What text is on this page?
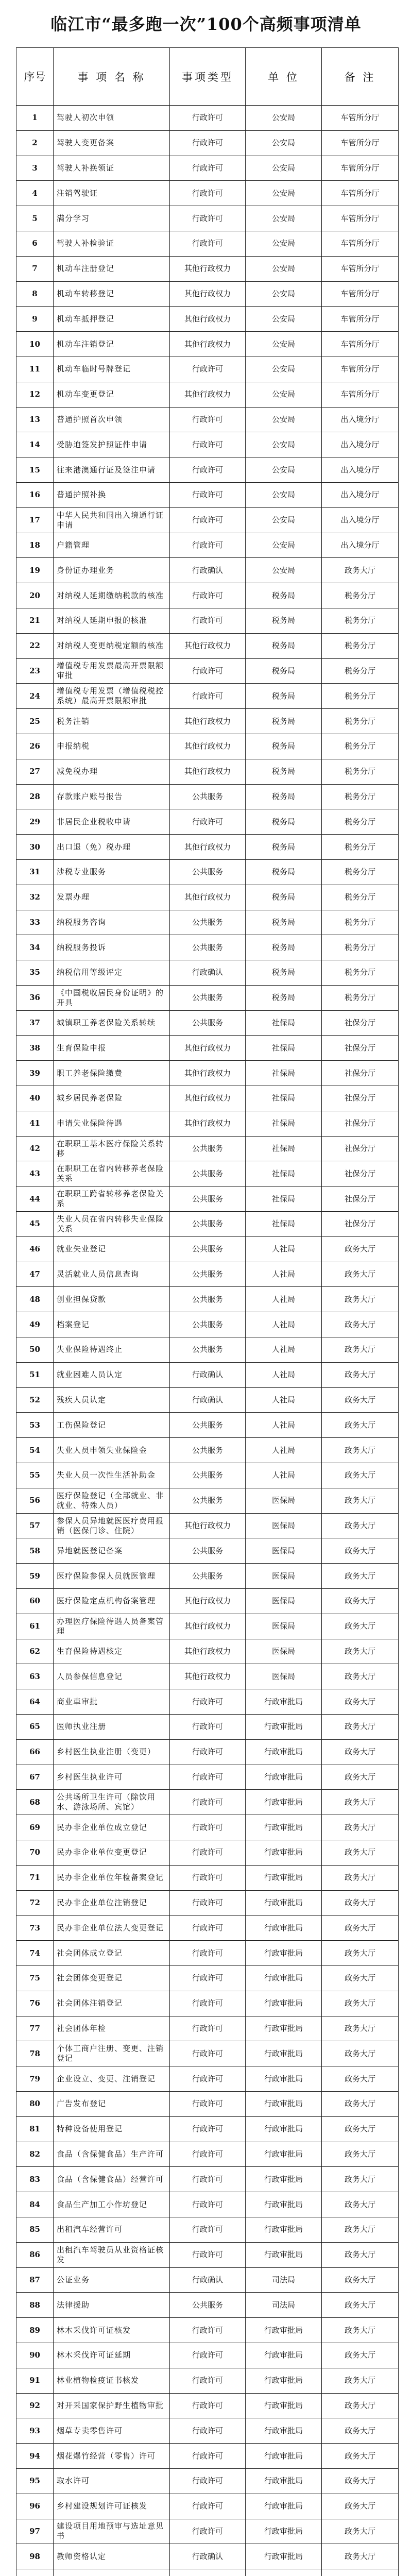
临江市“最多跑一次”100个高频事项清单
序号	事 项 名 称	事项类型	单 位	备 注
1	驾驶人初次申领	行政许可	公安局	车管所分厅
2	驾驶人变更备案	行政许可	公安局	车管所分厅
3	驾驶人补换领证	行政许可	公安局	车管所分厅
4	注销驾驶证	行政许可	公安局	车管所分厅
5	满分学习	行政许可	公安局	车管所分厅
6	驾驶人补检验证	行政许可	公安局	车管所分厅
7	机动车注册登记	其他行政权力	公安局	车管所分厅
8	机动车转移登记	其他行政权力	公安局	车管所分厅
9	机动车抵押登记	其他行政权力	公安局	车管所分厅
10	机动车注销登记	其他行政权力	公安局	车管所分厅
11	机动车临时号牌登记	行政许可	公安局	车管所分厅
12	机动车变更登记	其他行政权力	公安局	车管所分厅
13	普通护照首次申领	行政许可	公安局	出入境分厅
14	受胁迫签发护照证件申请	行政许可	公安局	出入境分厅
15	往来港澳通行证及签注申请	行政许可	公安局	出入境分厅
16	普通护照补换	行政许可	公安局	出入境分厅
17	中华人民共和国出入境通行证申请	行政许可	公安局	出入境分厅
18	户籍管理	行政许可	公安局	出入境分厅
19	身份证办理业务	行政确认	公安局	政务大厅
20	对纳税人延期缴纳税款的核准	行政许可	税务局	税务分厅
21	对纳税人延期申报的核准	行政许可	税务局	税务分厅
22	对纳税人变更纳税定额的核准	其他行政权力	税务局	税务分厅
23	增值税专用发票最高开票限额审批	行政许可	税务局	税务分厅
24	增值税专用发票（增值税税控系统）最高开票限额审批	行政许可	税务局	税务分厅
25	税务注销	其他行政权力	税务局	税务分厅
26	申报纳税	其他行政权力	税务局	税务分厅
27	减免税办理	其他行政权力	税务局	税务分厅
28	存款账户账号报告	公共服务	税务局	税务分厅
29	非居民企业税收申请	行政许可	税务局	税务分厅
30	出口退（免）税办理	其他行政权力	税务局	税务分厅
31	涉税专业服务	公共服务	税务局	税务分厅
32	发票办理	其他行政权力	税务局	税务分厅
33	纳税服务咨询	公共服务	税务局	税务分厅
34	纳税服务投诉	公共服务	税务局	税务分厅
35	纳税信用等级评定	行政确认	税务局	税务分厅
36	《中国税收居民身份证明》的开具	公共服务	税务局	税务分厅
37	城镇职工养老保险关系转续	公共服务	社保局	社保分厅
38	生育保险申报	其他行政权力	社保局	社保分厅
39	职工养老保险缴费	其他行政权力	社保局	社保分厅
40	城乡居民养老保险	其他行政权力	社保局	社保分厅
41	申请失业保险待遇	其他行政权力	社保局	社保分厅
42	在职职工基本医疗保险关系转移	公共服务	社保局	社保分厅
43	在职职工在省内转移养老保险关系	公共服务	社保局	社保分厅
44	在职职工跨省转移养老保险关系	公共服务	社保局	社保分厅
45	失业人员在省内转移失业保险关系	公共服务	社保局	社保分厅
46	就业失业登记	公共服务	人社局	政务大厅
47	灵活就业人员信息查询	公共服务	人社局	政务大厅
48	创业担保贷款	公共服务	人社局	政务大厅
49	档案登记	公共服务	人社局	政务大厅
50	失业保险待遇终止	公共服务	人社局	政务大厅
51	就业困难人员认定	行政确认	人社局	政务大厅
52	残疾人员认定	行政确认	人社局	政务大厅
53	工伤保险登记	公共服务	人社局	政务大厅
54	失业人员申领失业保险金	公共服务	人社局	政务大厅
55	失业人员一次性生活补助金	公共服务	人社局	政务大厅
56	医疗保险登记（全部就业、非就业、特殊人员）	公共服务	医保局	政务大厅
57	参保人员异地就医医疗费用报销（医保门诊、住院）	其他行政权力	医保局	政务大厅
58	异地就医登记备案	公共服务	医保局	政务大厅
59	医疗保险参保人员就医管理	公共服务	医保局	政务大厅
60	医疗保险定点机构备案管理	其他行政权力	医保局	政务大厅
61	办理医疗保险待遇人员备案管理	其他行政权力	医保局	政务大厅
62	生育保险待遇核定	其他行政权力	医保局	政务大厅
63	人员参保信息登记	其他行政权力	医保局	政务大厅
64	商业車审批	行政许可	行政审批局	政务大厅
65	医师执业注册	行政许可	行政审批局	政务大厅
66	乡村医生执业注册（变更）	行政许可	行政审批局	政务大厅
67	乡村医生执业许可	行政许可	行政审批局	政务大厅
68	公共场所卫生许可（除饮用水、游泳场所、宾馆）	行政许可	行政审批局	政务大厅
69	民办非企业单位成立登记	行政许可	行政审批局	政务大厅
70	民办非企业单位变更登记	行政许可	行政审批局	政务大厅
71	民办非企业单位年检备案登记	行政许可	行政审批局	政务大厅
72	民办非企业单位注销登记	行政许可	行政审批局	政务大厅
73	民办非企业单位法人变更登记	行政许可	行政审批局	政务大厅
74	社会团体成立登记	行政许可	行政审批局	政务大厅
75	社会团体变更登记	行政许可	行政审批局	政务大厅
76	社会团体注销登记	行政许可	行政审批局	政务大厅
77	社会团体年检	行政许可	行政审批局	政务大厅
78	个体工商户注册、变更、注销登记	行政许可	行政审批局	政务大厅
79	企业设立、变更、注销登记	行政许可	行政审批局	政务大厅
80	广告发布登记	行政许可	行政审批局	政务大厅
81	特种设备使用登记	行政许可	行政审批局	政务大厅
82	食品（含保健食品）生产许可	行政许可	行政审批局	政务大厅
83	食品（含保健食品）经营许可	行政许可	行政审批局	政务大厅
84	食品生产加工小作坊登记	行政许可	行政审批局	政务大厅
85	出租汽车经营许可	行政许可	行政审批局	政务大厅
86	出租汽车驾驶员从业资格证核发	行政许可	行政审批局	政务大厅
87	公证业务	行政确认	司法局	政务大厅
88	法律援助	公共服务	司法局	政务大厅
89	林木采伐许可证核发	行政许可	行政审批局	政务大厅
90	林木采伐许可证延期	行政许可	行政审批局	政务大厅
91	林业植物检疫证书核发	行政许可	行政审批局	政务大厅
92	对开采国家保护野生植物审批	行政许可	行政审批局	政务大厅
93	烟草专卖零售许可	行政许可	行政审批局	政务大厅
94	烟花爆竹经营（零售）许可	行政许可	行政审批局	政务大厅
95	取水许可	行政许可	行政审批局	政务大厅
96	乡村建设规划许可证核发	行政许可	行政审批局	政务大厅
97	建设项目用地预审与选址意见书	行政许可	行政审批局	政务大厅
98	教师资格认定	行政确认	行政审批局	政务大厅
